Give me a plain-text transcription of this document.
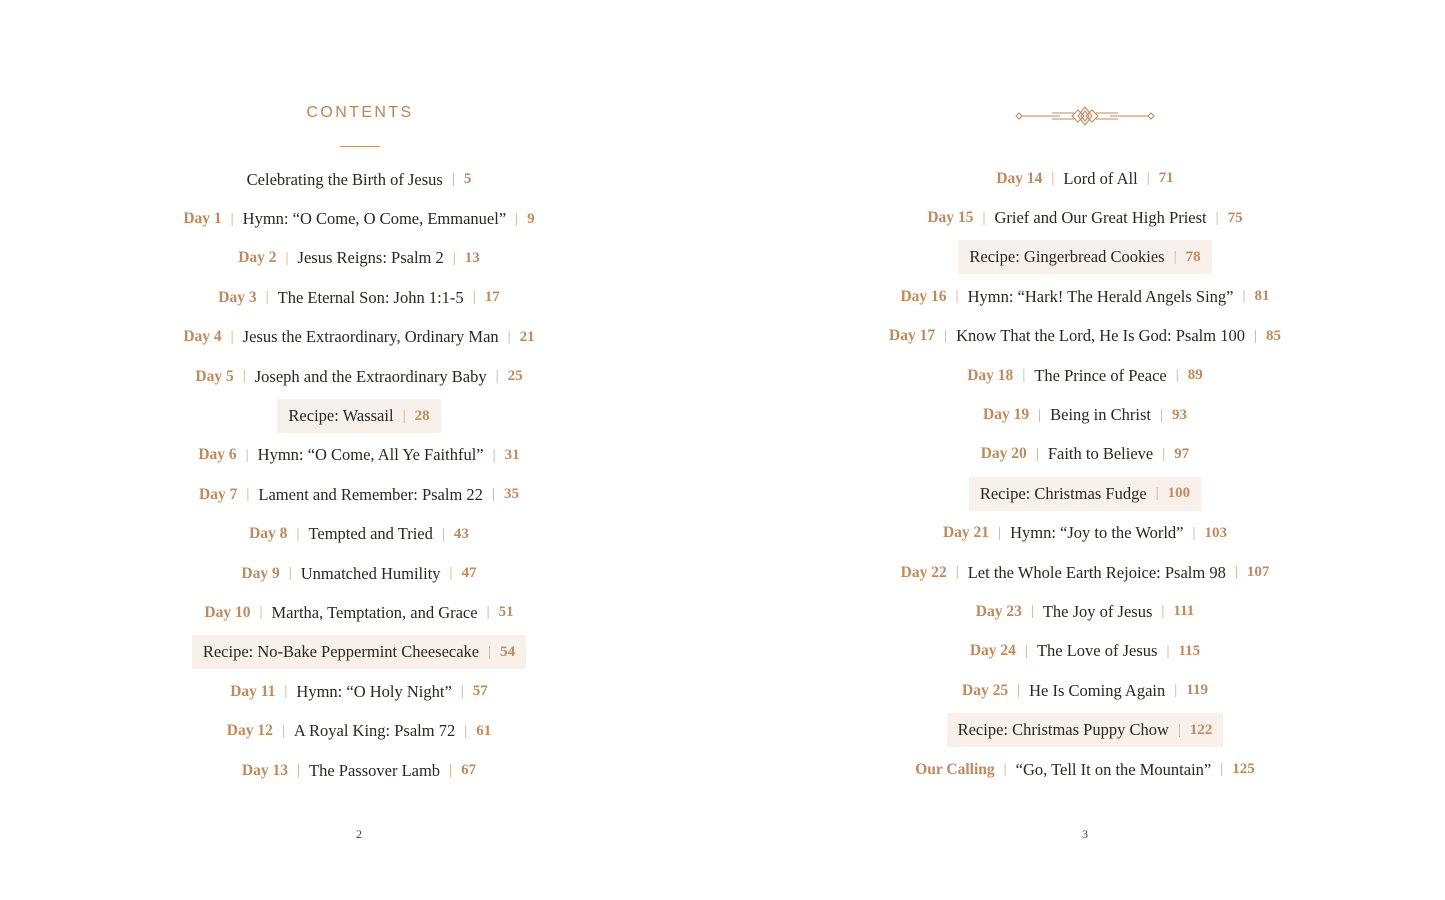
CONTENTS
Celebrating the Birth of Jesus | 5
Day 1 | Hymn: “O Come, O Come, Emmanuel” | 9
Day 2 | Jesus Reigns: Psalm 2 | 13
Day 3 | The Eternal Son: John 1:1-5 | 17
Day 4 | Jesus the Extraordinary, Ordinary Man | 21
Day 5 | Joseph and the Extraordinary Baby | 25
Recipe: Wassail | 28
Day 6 | Hymn: “O Come, All Ye Faithful” | 31
Day 7 | Lament and Remember: Psalm 22 | 35
Day 8 | Tempted and Tried | 43
Day 9 | Unmatched Humility | 47
Day 10 | Martha, Temptation, and Grace | 51
Recipe: No-Bake Peppermint Cheesecake | 54
Day 11 | Hymn: “O Holy Night” | 57
Day 12 | A Royal King: Psalm 72 | 61
Day 13 | The Passover Lamb | 67
2
Day 14 | Lord of All | 71
Day 15 | Grief and Our Great High Priest | 75
Recipe: Gingerbread Cookies | 78
Day 16 | Hymn: “Hark! The Herald Angels Sing” | 81
Day 17 | Know That the Lord, He Is God: Psalm 100 | 85
Day 18 | The Prince of Peace | 89
Day 19 | Being in Christ | 93
Day 20 | Faith to Believe | 97
Recipe: Christmas Fudge | 100
Day 21 | Hymn: “Joy to the World” | 103
Day 22 | Let the Whole Earth Rejoice: Psalm 98 | 107
Day 23 | The Joy of Jesus | 111
Day 24 | The Love of Jesus | 115
Day 25 | He Is Coming Again | 119
Recipe: Christmas Puppy Chow | 122
Our Calling | “Go, Tell It on the Mountain” | 125
3
